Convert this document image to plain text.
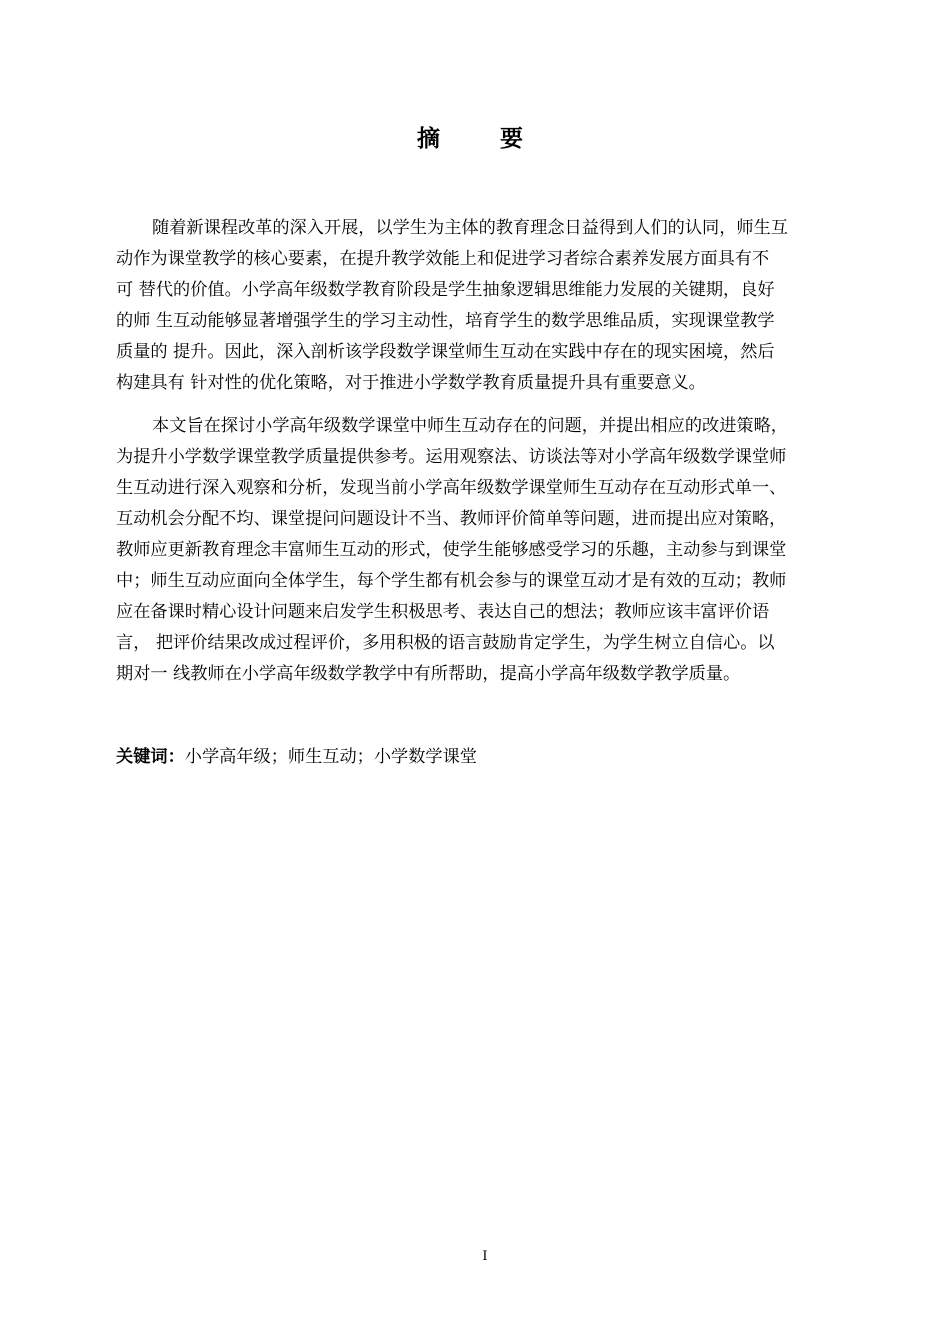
摘 要
随着新课程改革的深入开展，以学生为主体的教育理念日益得到人们的认同，师生互
动作为课堂教学的核心要素，在提升教学效能上和促进学习者综合素养发展方面具有不
可 替代的价值。小学高年级数学教育阶段是学生抽象逻辑思维能力发展的关键期，良好
的师 生互动能够显著增强学生的学习主动性，培育学生的数学思维品质，实现课堂教学
质量的 提升。因此，深入剖析该学段数学课堂师生互动在实践中存在的现实困境，然后
构建具有 针对性的优化策略，对于推进小学数学教育质量提升具有重要意义。
本文旨在探讨小学高年级数学课堂中师生互动存在的问题，并提出相应的改进策略，
为提升小学数学课堂教学质量提供参考。运用观察法、访谈法等对小学高年级数学课堂师
生互动进行深入观察和分析，发现当前小学高年级数学课堂师生互动存在互动形式单一、
互动机会分配不均、课堂提问问题设计不当、教师评价简单等问题，进而提出应对策略，
教师应更新教育理念丰富师生互动的形式，使学生能够感受学习的乐趣，主动参与到课堂
中；师生互动应面向全体学生，每个学生都有机会参与的课堂互动才是有效的互动；教师
应在备课时精心设计问题来启发学生积极思考、表达自己的想法；教师应该丰富评价语
言， 把评价结果改成过程评价，多用积极的语言鼓励肯定学生，为学生树立自信心。以
期对一 线教师在小学高年级数学教学中有所帮助，提高小学高年级数学教学质量。
关键词：小学高年级；师生互动；小学数学课堂
I
